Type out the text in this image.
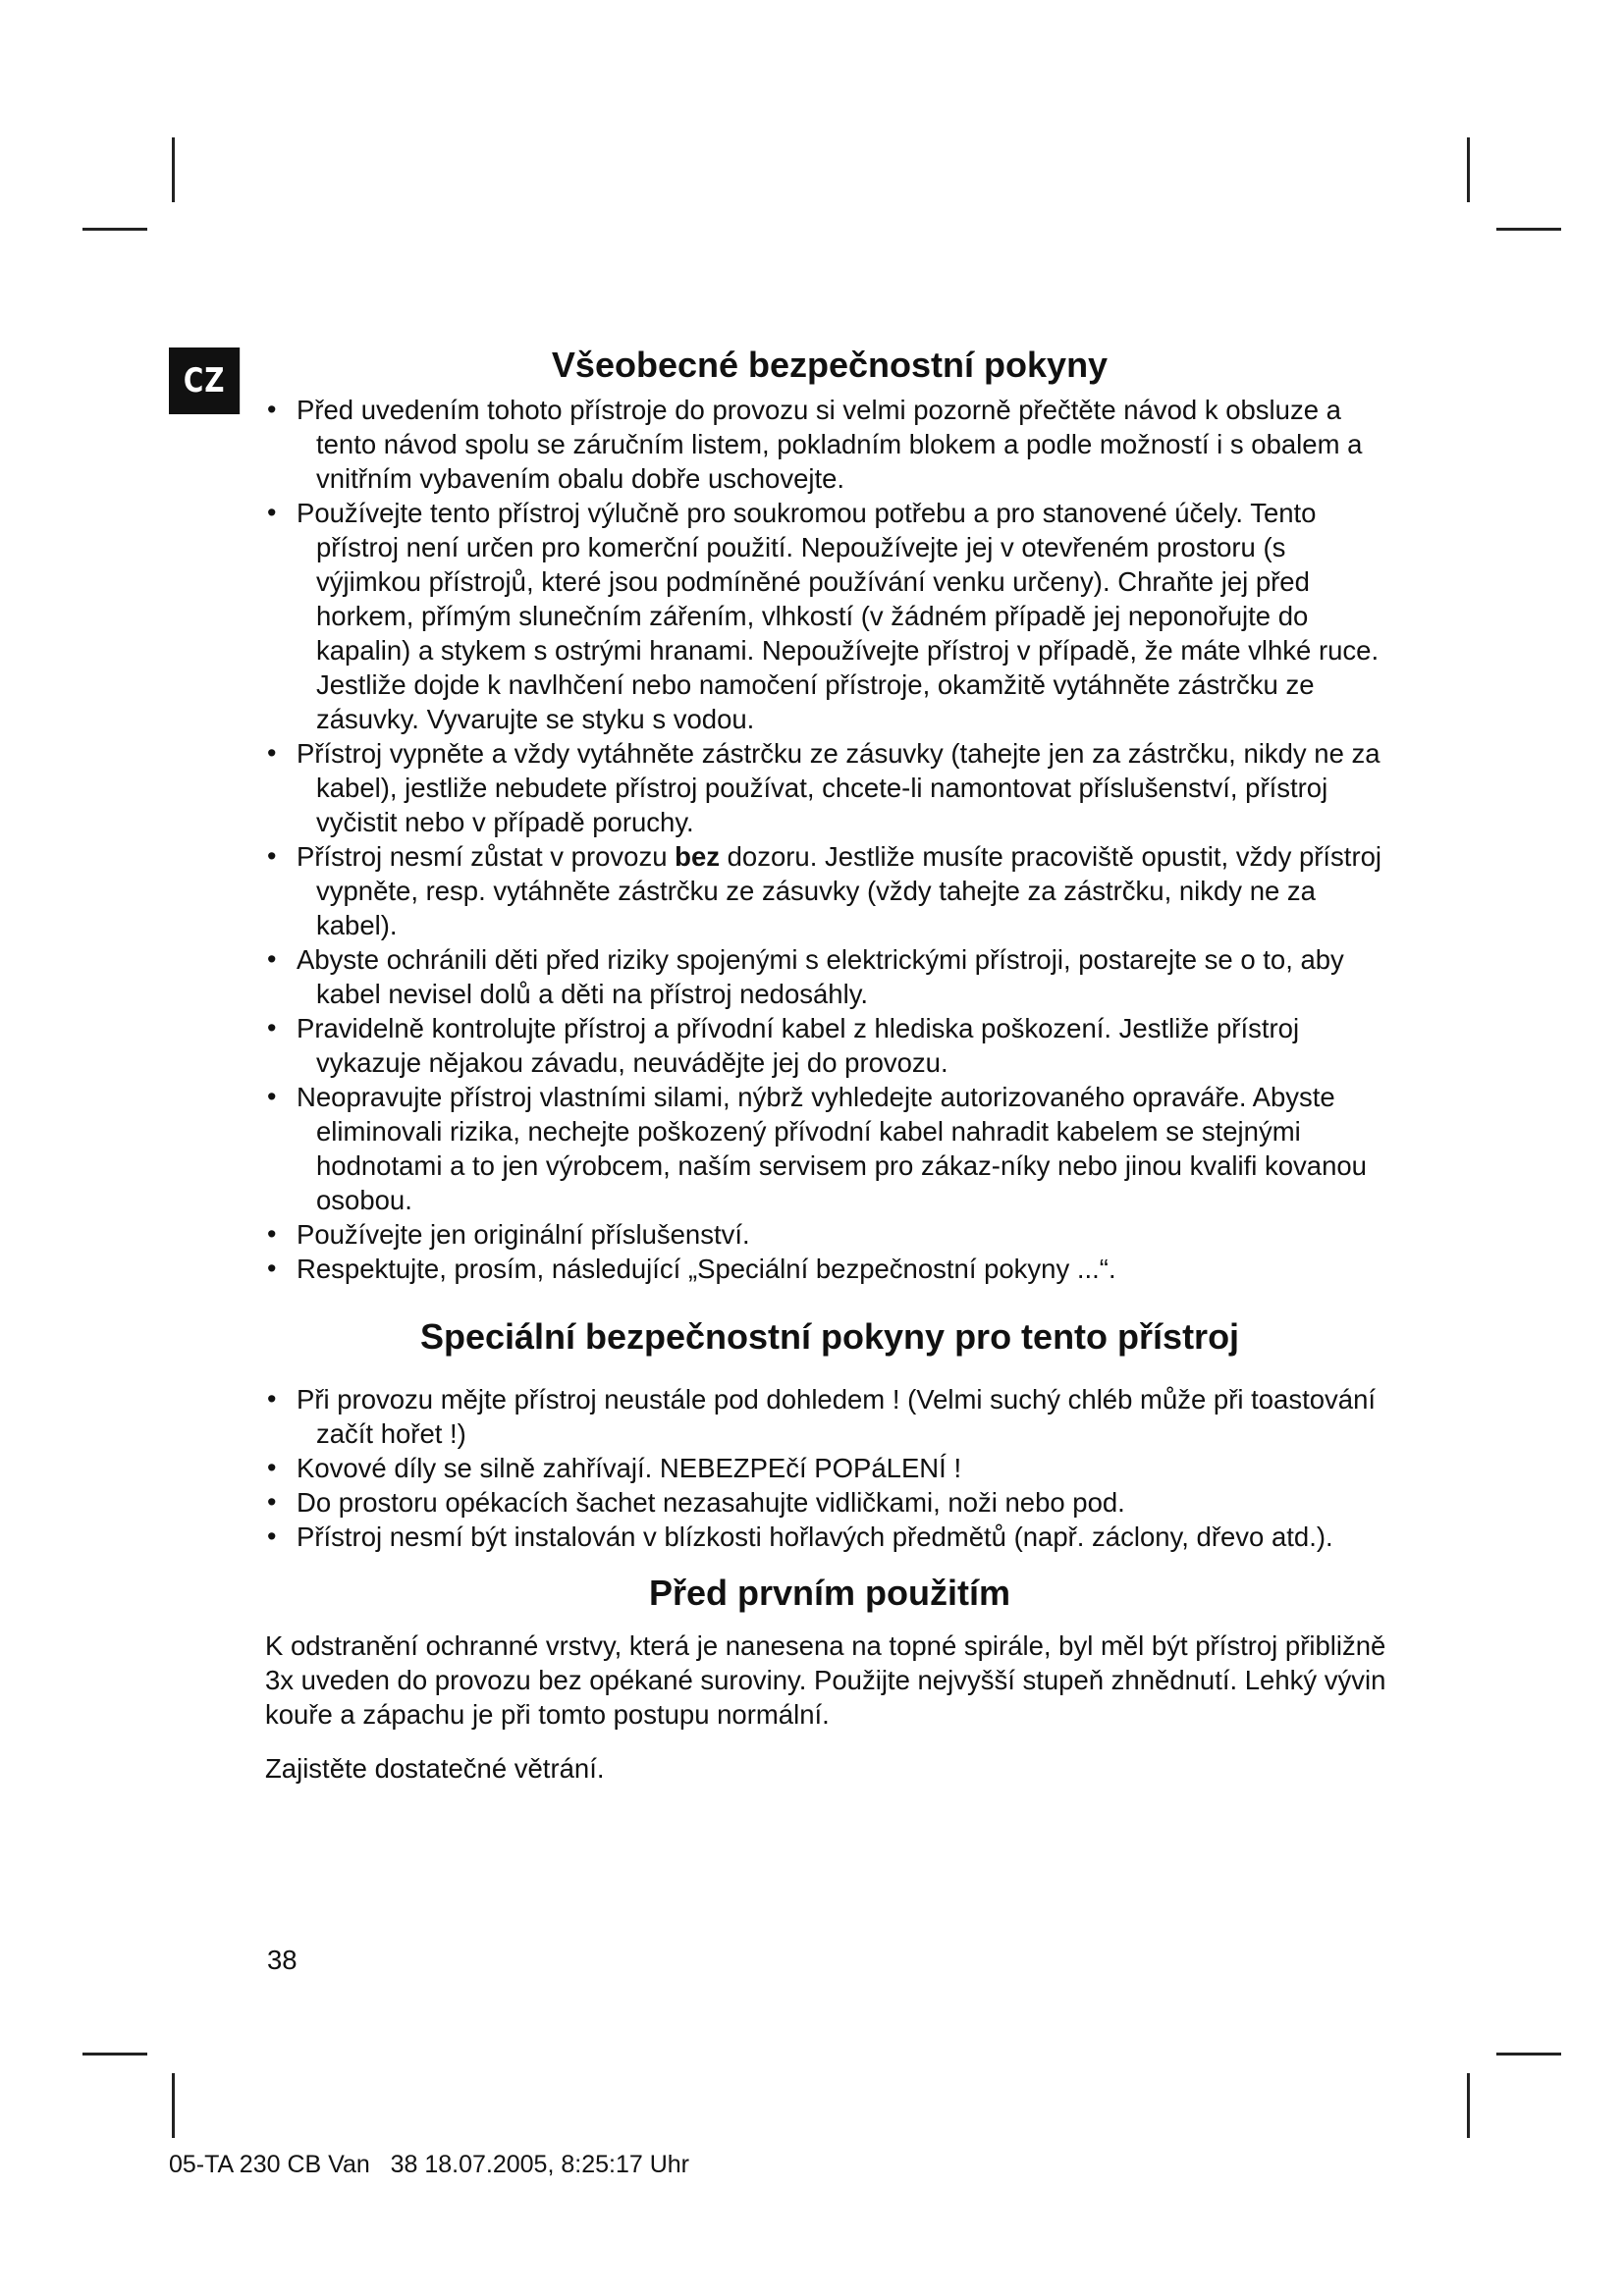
CZ	Všeobecné bezpečnostní pokyny
• Před uvedením tohoto přístroje do provozu si velmi pozorně přečtěte návod k obsluze a tento návod spolu se záručním listem, pokladním blokem a podle možností i s obalem a vnitřním vybavením obalu dobře uschovejte.
• Používejte tento přístroj výlučně pro soukromou potřebu a pro stanovené účely. Tento přístroj není určen pro komerční použití. Nepoužívejte jej v otevřeném prostoru (s výjimkou přístrojů, které jsou podmíněné používání venku určeny). Chraňte jej před horkem, přímým slunečním zářením, vlhkostí (v žádném případě jej neponořujte do kapalin) a stykem s ostrými hranami. Nepoužívejte přístroj v případě, že máte vlhké ruce. Jestliže dojde k navlhčení nebo namočení přístroje, okamžitě vytáhněte zástrčku ze zásuvky. Vyvarujte se styku s vodou.
• Přístroj vypněte a vždy vytáhněte zástrčku ze zásuvky (tahejte jen za zástrčku, nikdy ne za kabel), jestliže nebudete přístroj používat, chcete-li namontovat příslušenství, přístroj vyčistit nebo v případě poruchy.
• Přístroj nesmí zůstat v provozu bez dozoru. Jestliže musíte pracoviště opustit, vždy přístroj vypněte, resp. vytáhněte zástrčku ze zásuvky (vždy tahejte za zástrčku, nikdy ne za kabel).
• Abyste ochránili děti před riziky spojenými s elektrickými přístroji, postarejte se o to, aby kabel nevisel dolů a děti na přístroj nedosáhly.
• Pravidelně kontrolujte přístroj a přívodní kabel z hlediska poškození. Jestliže přístroj vykazuje nějakou závadu, neuvádějte jej do provozu.
• Neopravujte přístroj vlastními silami, nýbrž vyhledejte autorizovaného opraváře. Abyste eliminovali rizika, nechejte poškozený přívodní kabel nahradit kabelem se stejnými hodnotami a to jen výrobcem, naším servisem pro zákaz-níky nebo jinou kvalifi kovanou osobou.
• Používejte jen originální příslušenství.
• Respektujte, prosím, následující „Speciální bezpečnostní pokyny ...“.
Speciální bezpečnostní pokyny pro tento přístroj
• Při provozu mějte přístroj neustále pod dohledem ! (Velmi suchý chléb může při toastování začít hořet !)
• Kovové díly se silně zahřívají. NEBEZPEčí POPáLENÍ !
• Do prostoru opékacích šachet nezasahujte vidličkami, noži nebo pod.
• Přístroj nesmí být instalován v blízkosti hořlavých předmětů (např. záclony, dřevo atd.).
Před prvním použitím

K odstranění ochranné vrstvy, která je nanesena na topné spirále, byl měl být přístroj přibližně 3x uveden do provozu bez opékané suroviny. Použijte nejvyšší stupeň zhnědnutí. Lehký vývin kouře a zápachu je při tomto postupu normální.

Zajistěte dostatečné větrání.

38
05-TA 230 CB Van   38 18.07.2005, 8:25:17 Uhr
